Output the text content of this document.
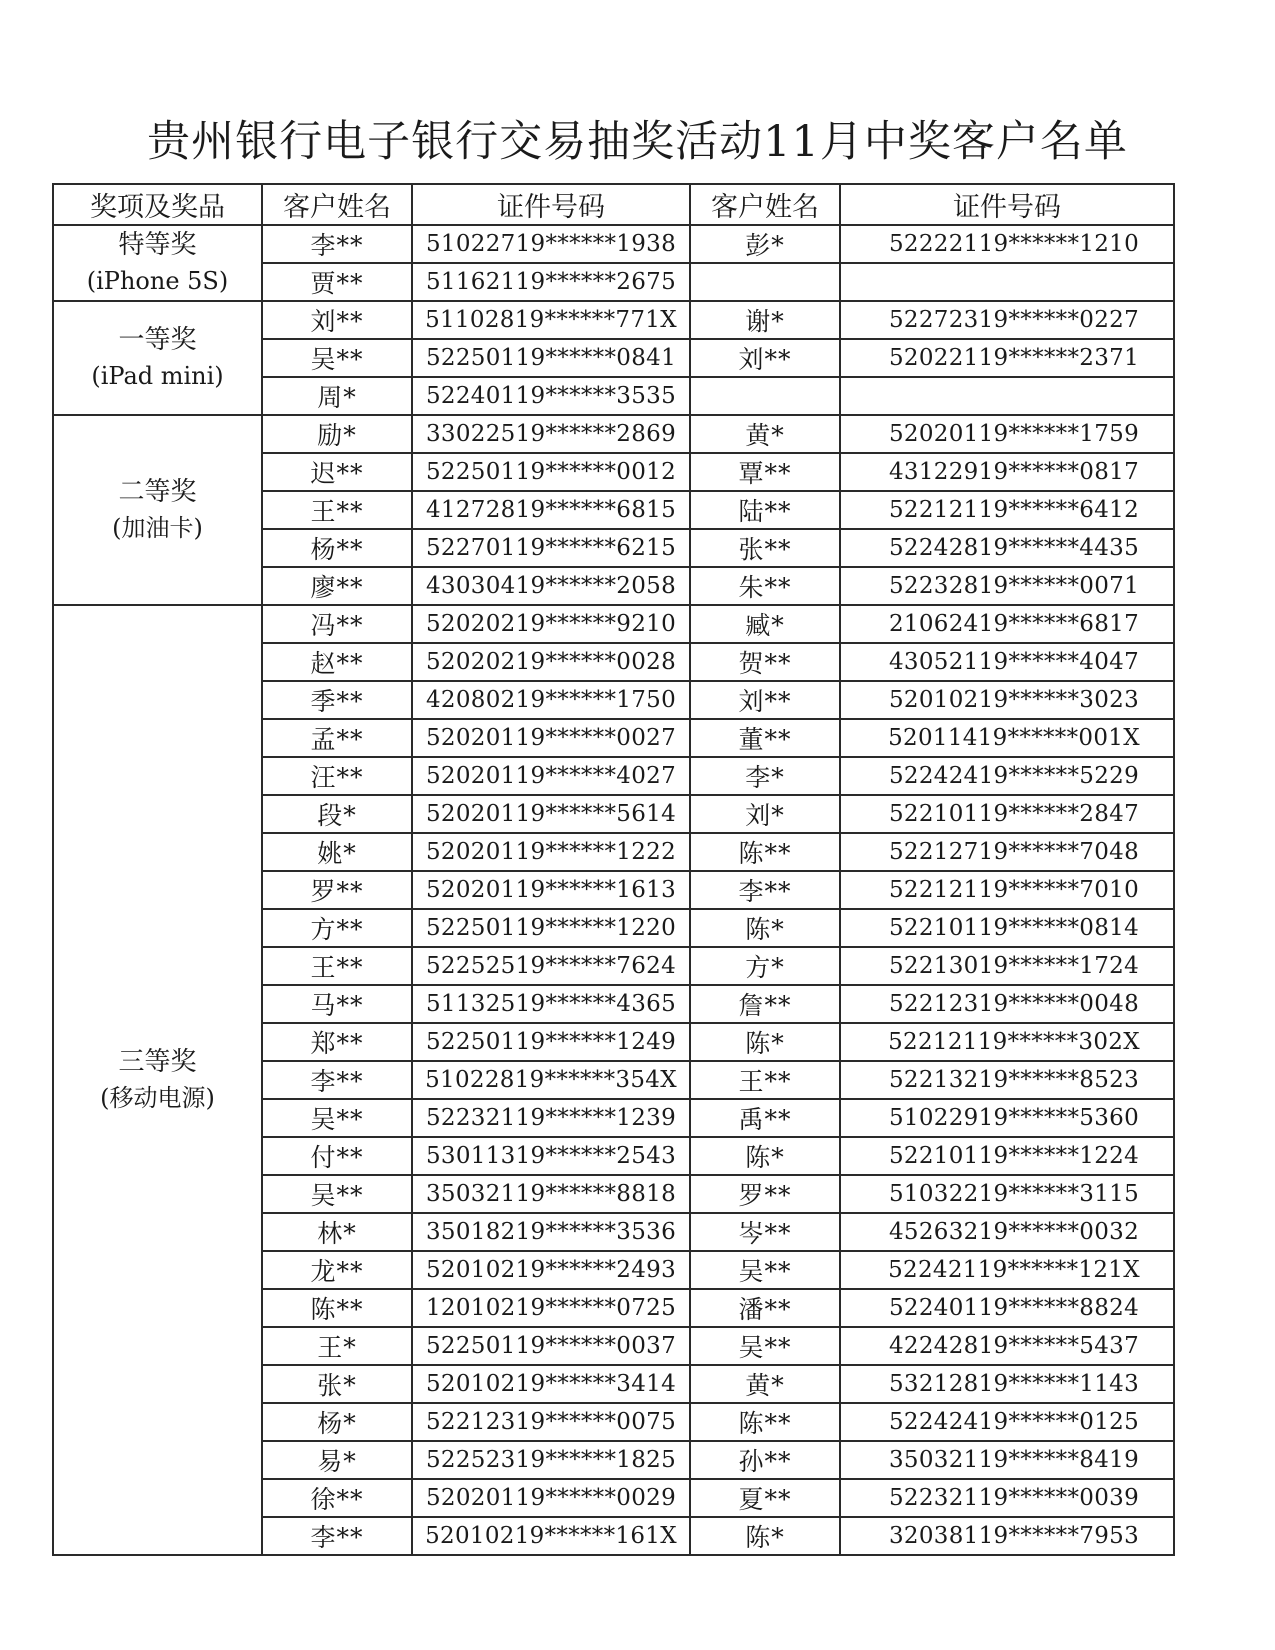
贵州银行电子银行交易抽奖活动11月中奖客户名单
奖项及奖品	客户姓名	证件号码	客户姓名	证件号码

特等奖
(iPhone 5S)	李**	51022719******1938	彭*	52222119******1210
	贾**	51162119******2675		

一等奖
(iPad mini)	刘**	51102819******771X	谢*	52272319******0227
	吴**	52250119******0841	刘**	52022119******2371
	周*	52240119******3535		

二等奖
(加油卡)	励*	33022519******2869	黄*	52020119******1759
	迟**	52250119******0012	覃**	43122919******0817
	王**	41272819******6815	陆**	52212119******6412
	杨**	52270119******6215	张**	52242819******4435
	廖**	43030419******2058	朱**	52232819******0071

三等奖
(移动电源)	冯**	52020219******9210	臧*	21062419******6817
	赵**	52020219******0028	贺**	43052119******4047
	季**	42080219******1750	刘**	52010219******3023
	孟**	52020119******0027	董**	52011419******001X
	汪**	52020119******4027	李*	52242419******5229
	段*	52020119******5614	刘*	52210119******2847
	姚*	52020119******1222	陈**	52212719******7048
	罗**	52020119******1613	李**	52212119******7010
	方**	52250119******1220	陈*	52210119******0814
	王**	52252519******7624	方*	52213019******1724
	马**	51132519******4365	詹**	52212319******0048
	郑**	52250119******1249	陈*	52212119******302X
	李**	51022819******354X	王**	52213219******8523
	吴**	52232119******1239	禹**	51022919******5360
	付**	53011319******2543	陈*	52210119******1224
	吴**	35032119******8818	罗**	51032219******3115
	林*	35018219******3536	岑**	45263219******0032
	龙**	52010219******2493	吴**	52242119******121X
	陈**	12010219******0725	潘**	52240119******8824
	王*	52250119******0037	吴**	42242819******5437
	张*	52010219******3414	黄*	53212819******1143
	杨*	52212319******0075	陈**	52242419******0125
	易*	52252319******1825	孙**	35032119******8419
	徐**	52020119******0029	夏**	52232119******0039
	李**	52010219******161X	陈*	32038119******7953
